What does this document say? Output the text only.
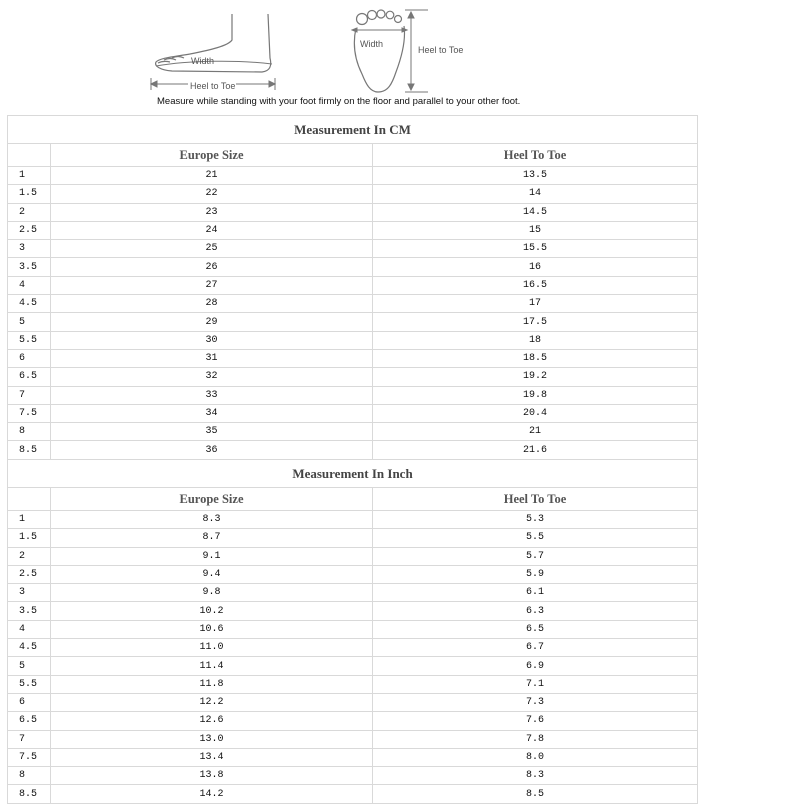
Width
Heel to Toe
Width
Heel to Toe
Measure while standing with your foot firmly on the floor and parallel to your other foot.
Measurement In CM		
	Europe Size	Heel To Toe
1	21	13.5
1.5	22	14
2	23	14.5
2.5	24	15
3	25	15.5
3.5	26	16
4	27	16.5
4.5	28	17
5	29	17.5
5.5	30	18
6	31	18.5
6.5	32	19.2
7	33	19.8
7.5	34	20.4
8	35	21
8.5	36	21.6
Measurement In Inch		
	Europe Size	Heel To Toe
1	8.3	5.3
1.5	8.7	5.5
2	9.1	5.7
2.5	9.4	5.9
3	9.8	6.1
3.5	10.2	6.3
4	10.6	6.5
4.5	11.0	6.7
5	11.4	6.9
5.5	11.8	7.1
6	12.2	7.3
6.5	12.6	7.6
7	13.0	7.8
7.5	13.4	8.0
8	13.8	8.3
8.5	14.2	8.5
